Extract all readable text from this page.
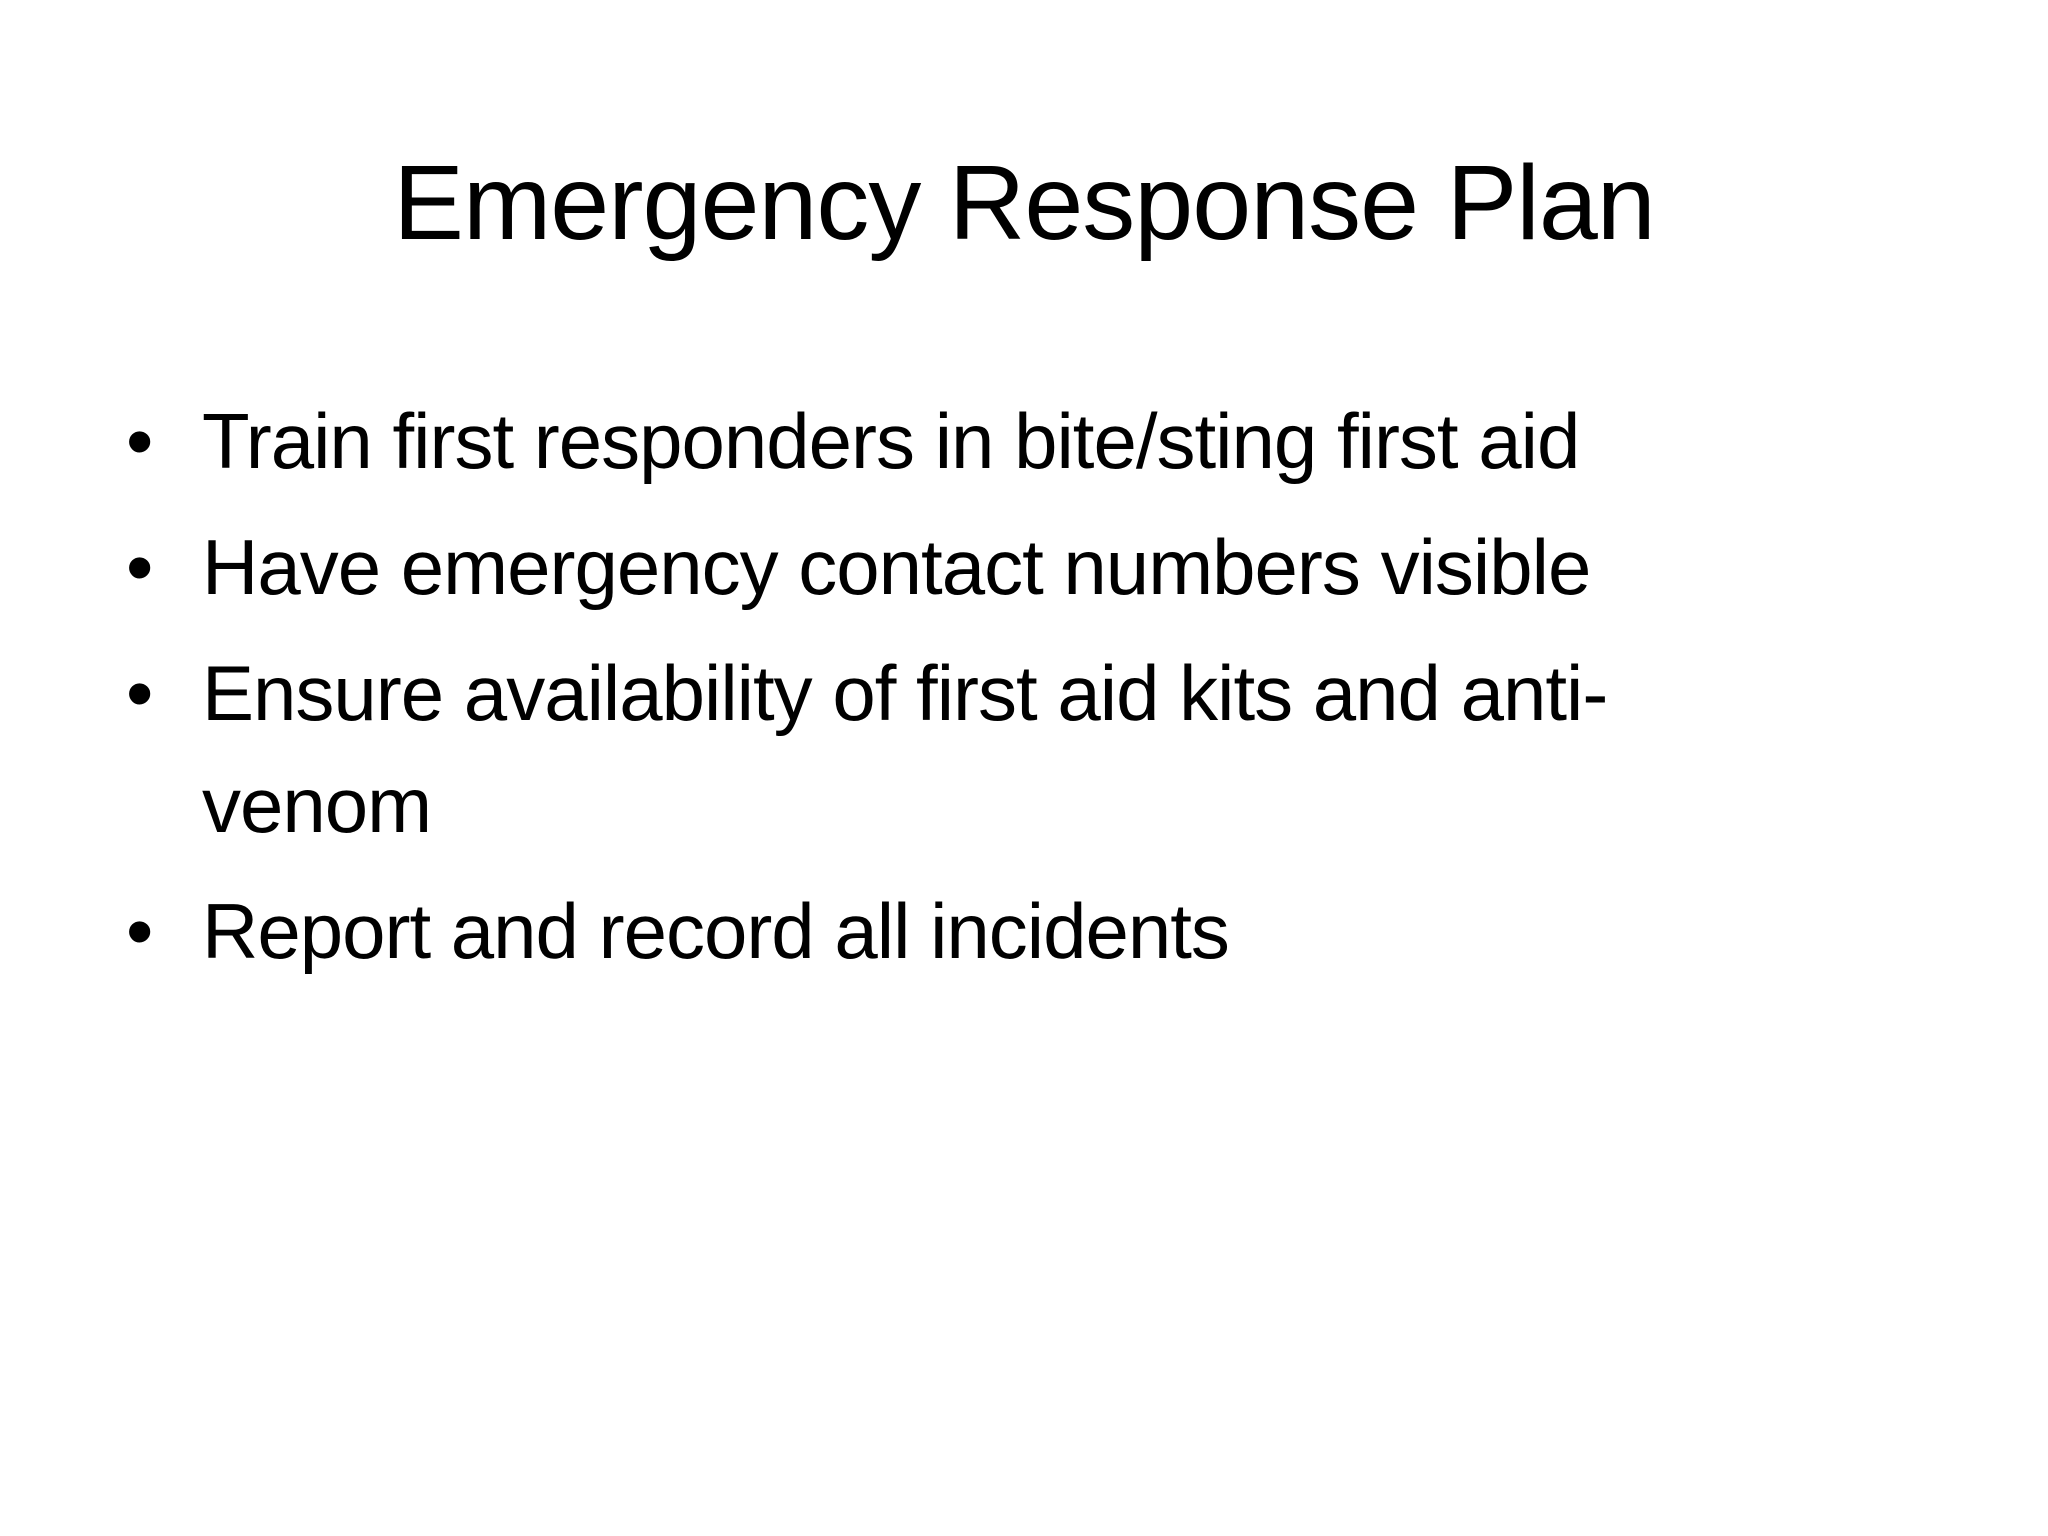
Emergency Response Plan
• Train first responders in bite/sting first aid
• Have emergency contact numbers visible
• Ensure availability of first aid kits and anti-venom
• Report and record all incidents
